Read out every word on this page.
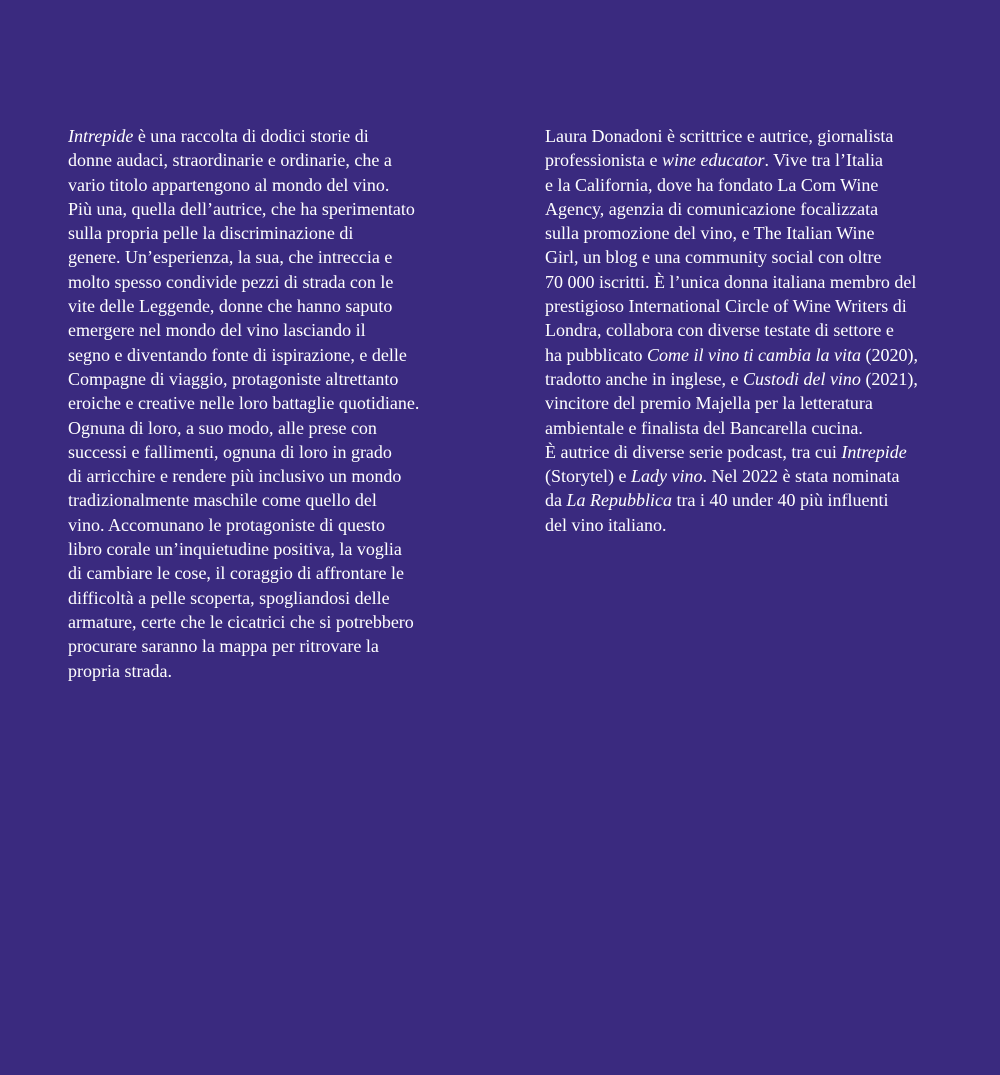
Intrepide è una raccolta di dodici storie di
donne audaci, straordinarie e ordinarie, che a
vario titolo appartengono al mondo del vino.
Più una, quella dell’autrice, che ha sperimentato
sulla propria pelle la discriminazione di
genere. Un’esperienza, la sua, che intreccia e
molto spesso condivide pezzi di strada con le
vite delle Leggende, donne che hanno saputo
emergere nel mondo del vino lasciando il
segno e diventando fonte di ispirazione, e delle
Compagne di viaggio, protagoniste altrettanto
eroiche e creative nelle loro battaglie quotidiane.
Ognuna di loro, a suo modo, alle prese con
successi e fallimenti, ognuna di loro in grado
di arricchire e rendere più inclusivo un mondo
tradizionalmente maschile come quello del
vino. Accomunano le protagoniste di questo
libro corale un’inquietudine positiva, la voglia
di cambiare le cose, il coraggio di affrontare le
difficoltà a pelle scoperta, spogliandosi delle
armature, certe che le cicatrici che si potrebbero
procurare saranno la mappa per ritrovare la
propria strada.
Laura Donadoni è scrittrice e autrice, giornalista
professionista e wine educator. Vive tra l’Italia
e la California, dove ha fondato La Com Wine
Agency, agenzia di comunicazione focalizzata
sulla promozione del vino, e The Italian Wine
Girl, un blog e una community social con oltre
70 000 iscritti. È l’unica donna italiana membro del
prestigioso International Circle of Wine Writers di
Londra, collabora con diverse testate di settore e
ha pubblicato Come il vino ti cambia la vita (2020),
tradotto anche in inglese, e Custodi del vino (2021),
vincitore del premio Majella per la letteratura
ambientale e finalista del Bancarella cucina.
È autrice di diverse serie podcast, tra cui Intrepide
(Storytel) e Lady vino. Nel 2022 è stata nominata
da La Repubblica tra i 40 under 40 più influenti
del vino italiano.
